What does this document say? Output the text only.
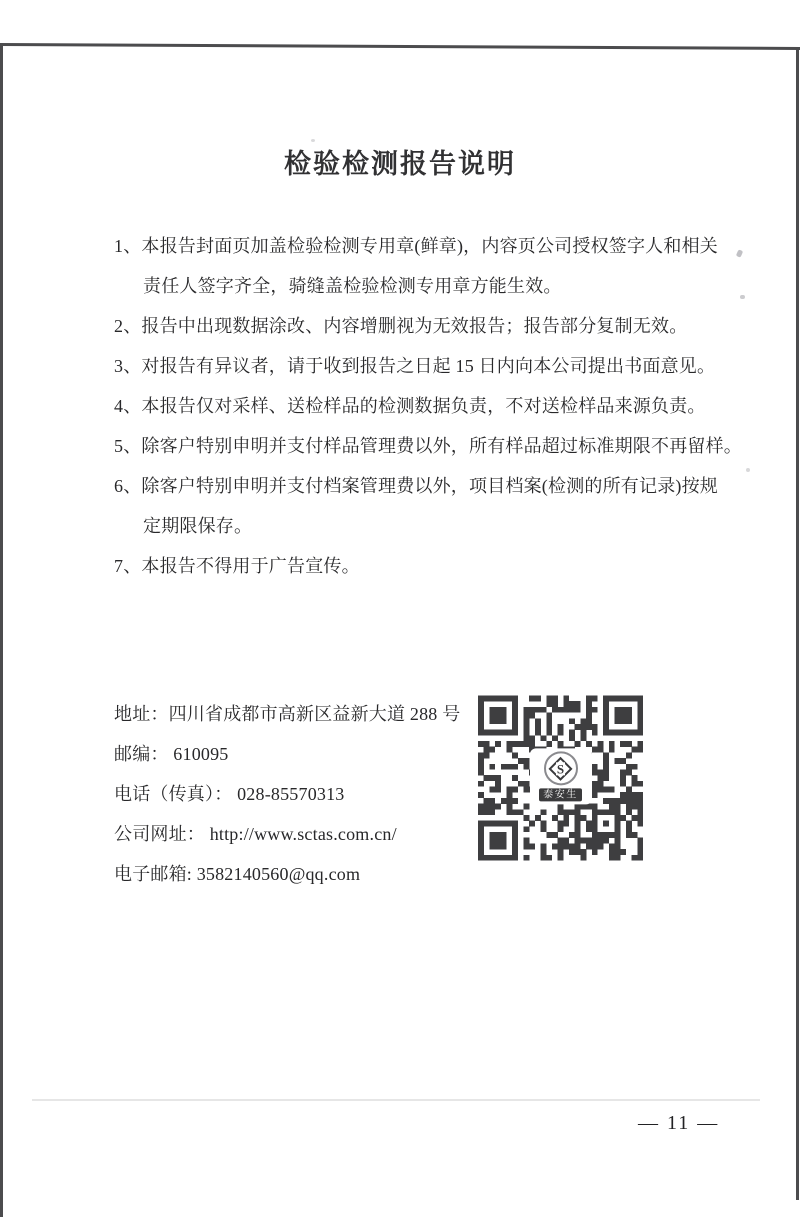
检验检测报告说明
1、本报告封面页加盖检验检测专用章(鲜章)，内容页公司授权签字人和相关
责任人签字齐全，骑缝盖检验检测专用章方能生效。
2、报告中出现数据涂改、内容增删视为无效报告；报告部分复制无效。
3、对报告有异议者，请于收到报告之日起 15 日内向本公司提出书面意见。
4、本报告仅对采样、送检样品的检测数据负责，不对送检样品来源负责。
5、除客户特别申明并支付样品管理费以外，所有样品超过标准期限不再留样。
6、除客户特别申明并支付档案管理费以外，项目档案(检测的所有记录)按规
定期限保存。
7、本报告不得用于广告宣传。
地址：四川省成都市高新区益新大道 288 号
邮编： 610095
电话（传真）： 028-85570313
公司网址： http://www.sctas.com.cn/
电子邮箱: 3582140560@qq.com
S
泰安生
— 11 —
